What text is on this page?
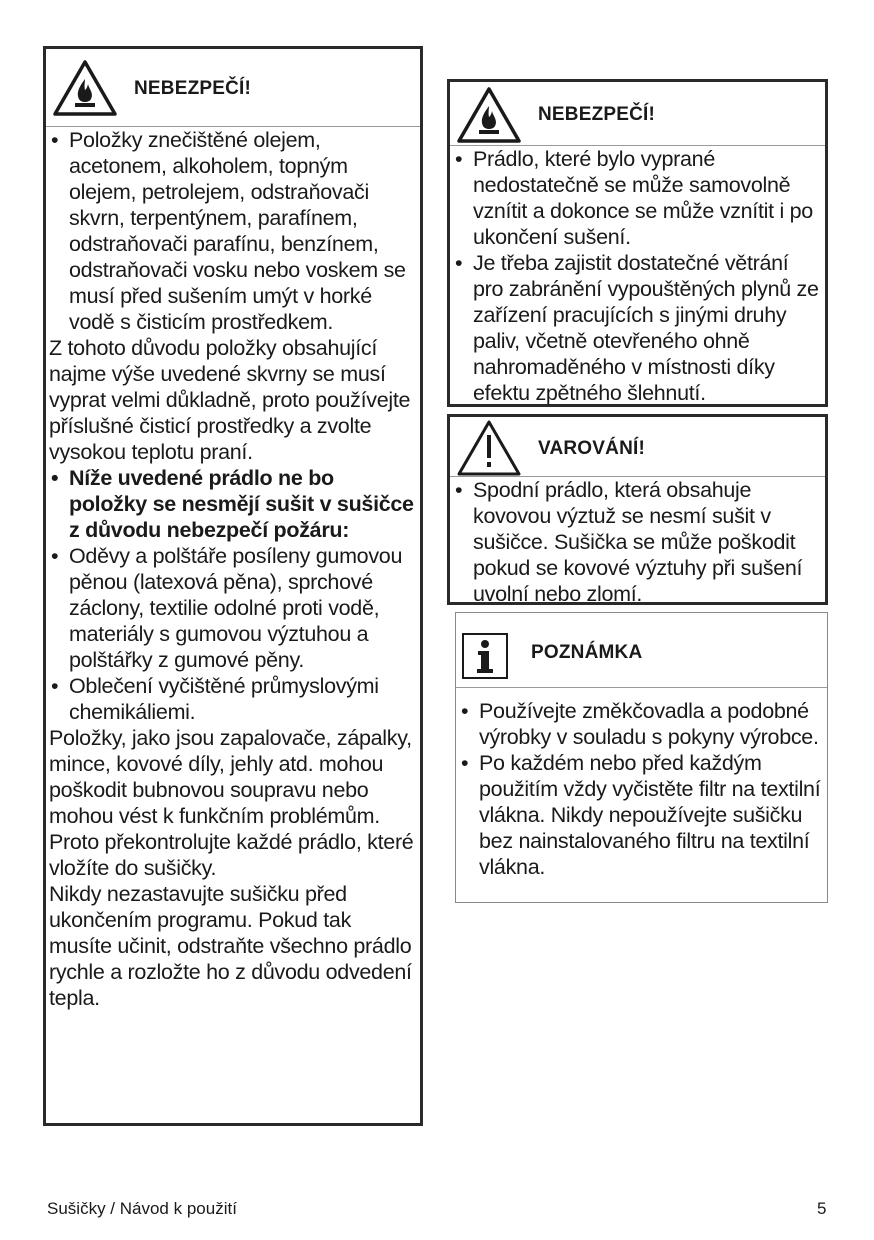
NEBEZPEČÍ!
• Položky znečištěné olejem, acetonem, alkoholem, topným olejem, petrolejem, odstraňovači skvrn, terpentýnem, parafínem, odstraňovači parafínu, benzínem, odstraňovači vosku nebo voskem se musí před sušením umýt v horké vodě s čisticím prostředkem.

Z tohoto důvodu položky obsahující najme výše uvedené skvrny se musí vyprat velmi důkladně, proto používejte příslušné čisticí prostředky a zvolte vysokou teplotu praní.

• Níže uvedené prádlo ne bo položky se nesmějí sušit v sušičce z důvodu nebezpečí požáru:
• Oděvy a polštáře posíleny gumovou pěnou (latexová pěna), sprchové záclony, textilie odolné proti vodě, materiály s gumovou výztuhou a polštářky z gumové pěny.
• Oblečení vyčištěné průmyslovými chemikáliemi.

Položky, jako jsou zapalovače, zápalky, mince, kovové díly, jehly atd. mohou poškodit bubnovou soupravu nebo mohou vést k funkčním problémům. Proto překontrolujte každé prádlo, které vložíte do sušičky.

Nikdy nezastavujte sušičku před ukončením programu. Pokud tak musíte učinit, odstraňte všechno prádlo rychle a rozložte ho z důvodu odvedení tepla.

NEBEZPEČÍ!
• Prádlo, které bylo vyprané nedostatečně se může samovolně vznítit a dokonce se může vznítit i po ukončení sušení.
• Je třeba zajistit dostatečné větrání pro zabránění vypouštěných plynů ze zařízení pracujících s jinými druhy paliv, včetně otevřeného ohně nahromaděného v místnosti díky efektu zpětného šlehnutí.
VAROVÁNÍ!
• Spodní prádlo, která obsahuje kovovou výztuž se nesmí sušit v sušičce. Sušička se může poškodit pokud se kovové výztuhy při sušení uvolní nebo zlomí.
POZNÁMKA
• Používejte změkčovadla a podobné výrobky v souladu s pokyny výrobce.
• Po každém nebo před každým použitím vždy vyčistěte filtr na textilní vlákna. Nikdy nepoužívejte sušičku bez nainstalovaného filtru na textilní vlákna.
Sušičky / Návod k použití	5
